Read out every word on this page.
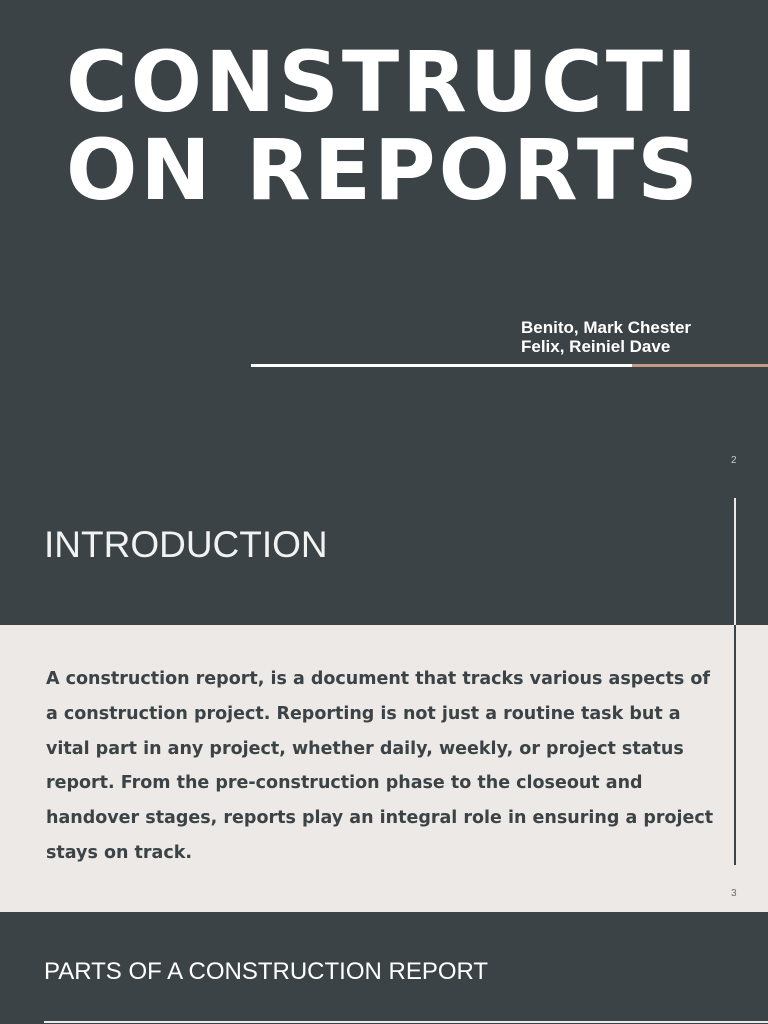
CONSTRUCTION REPORTS
Benito, Mark Chester
Felix, Reiniel Dave
2
INTRODUCTION

A construction report, is a document that tracks various aspects of a construction project. Reporting is not just a routine task but a vital part in any project, whether daily, weekly, or project status report. From the pre-construction phase to the closeout and handover stages, reports play an integral role in ensuring a project stays on track.

3
PARTS OF A CONSTRUCTION REPORT
